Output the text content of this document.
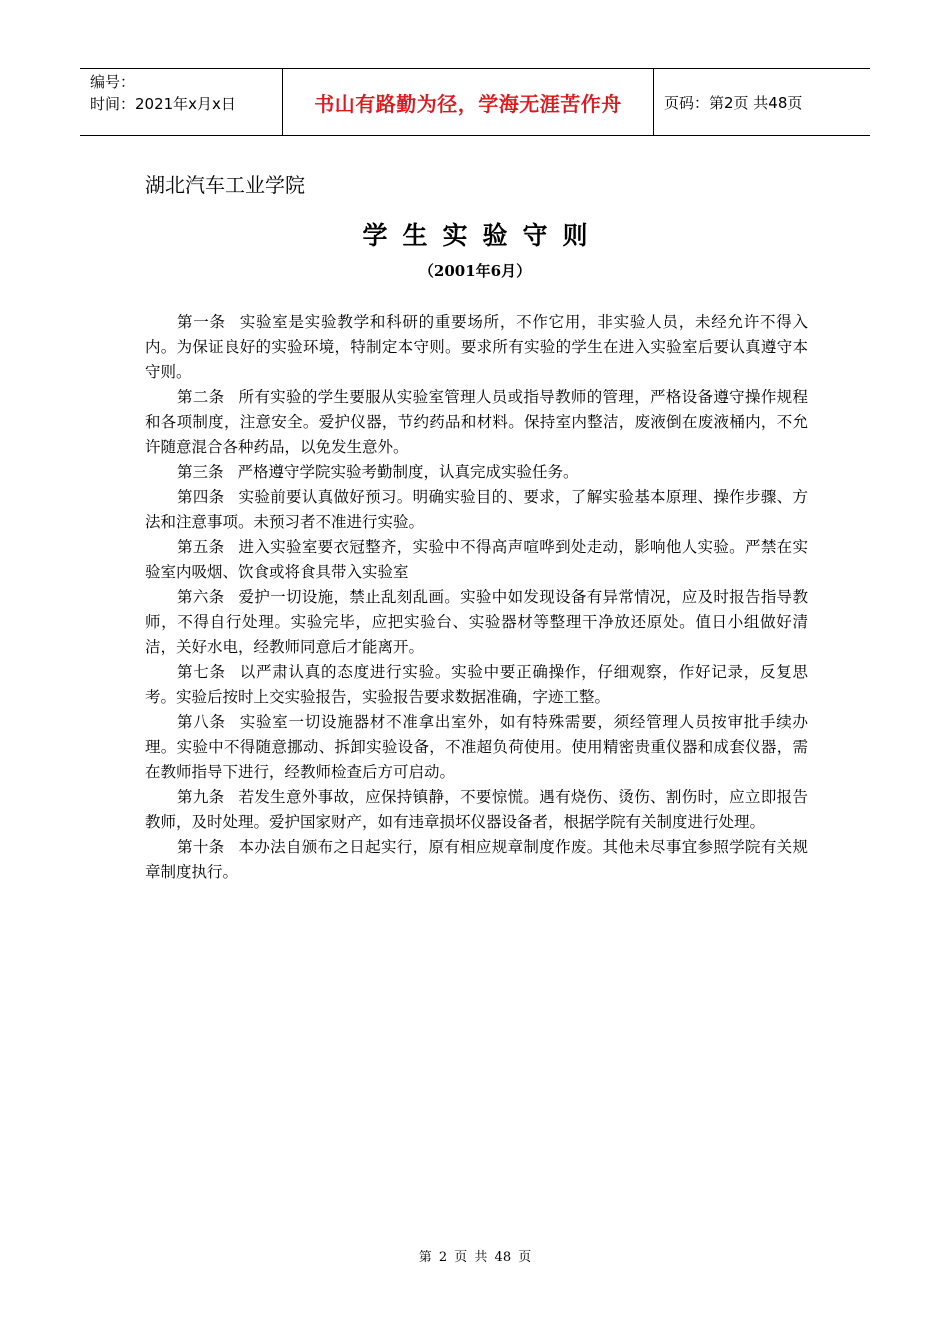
编号：
时间：2021年x月x日	书山有路勤为径，学海无涯苦作舟	页码：第2页 共48页
湖北汽车工业学院
学生实验守则
（2001年6月）

第一条 实验室是实验教学和科研的重要场所，不作它用，非实验人员，未经允许不得入内。为保证良好的实验环境，特制定本守则。要求所有实验的学生在进入实验室后要认真遵守本守则。

第二条 所有实验的学生要服从实验室管理人员或指导教师的管理，严格设备遵守操作规程和各项制度，注意安全。爱护仪器，节约药品和材料。保持室内整洁，废液倒在废液桶内，不允许随意混合各种药品，以免发生意外。

第三条 严格遵守学院实验考勤制度，认真完成实验任务。

第四条 实验前要认真做好预习。明确实验目的、要求，了解实验基本原理、操作步骤、方法和注意事项。未预习者不准进行实验。

第五条 进入实验室要衣冠整齐，实验中不得高声喧哗到处走动，影响他人实验。严禁在实验室内吸烟、饮食或将食具带入实验室

第六条 爱护一切设施，禁止乱刻乱画。实验中如发现设备有异常情况，应及时报告指导教师，不得自行处理。实验完毕，应把实验台、实验器材等整理干净放还原处。值日小组做好清洁，关好水电，经教师同意后才能离开。

第七条 以严肃认真的态度进行实验。实验中要正确操作，仔细观察，作好记录，反复思考。实验后按时上交实验报告，实验报告要求数据准确，字迹工整。

第八条 实验室一切设施器材不准拿出室外，如有特殊需要，须经管理人员按审批手续办理。实验中不得随意挪动、拆卸实验设备，不准超负荷使用。使用精密贵重仪器和成套仪器，需在教师指导下进行，经教师检查后方可启动。

第九条 若发生意外事故，应保持镇静，不要惊慌。遇有烧伤、烫伤、割伤时，应立即报告教师，及时处理。爱护国家财产，如有违章损坏仪器设备者，根据学院有关制度进行处理。

第十条 本办法自颁布之日起实行，原有相应规章制度作废。其他未尽事宜参照学院有关规章制度执行。

第 2 页 共 48 页
